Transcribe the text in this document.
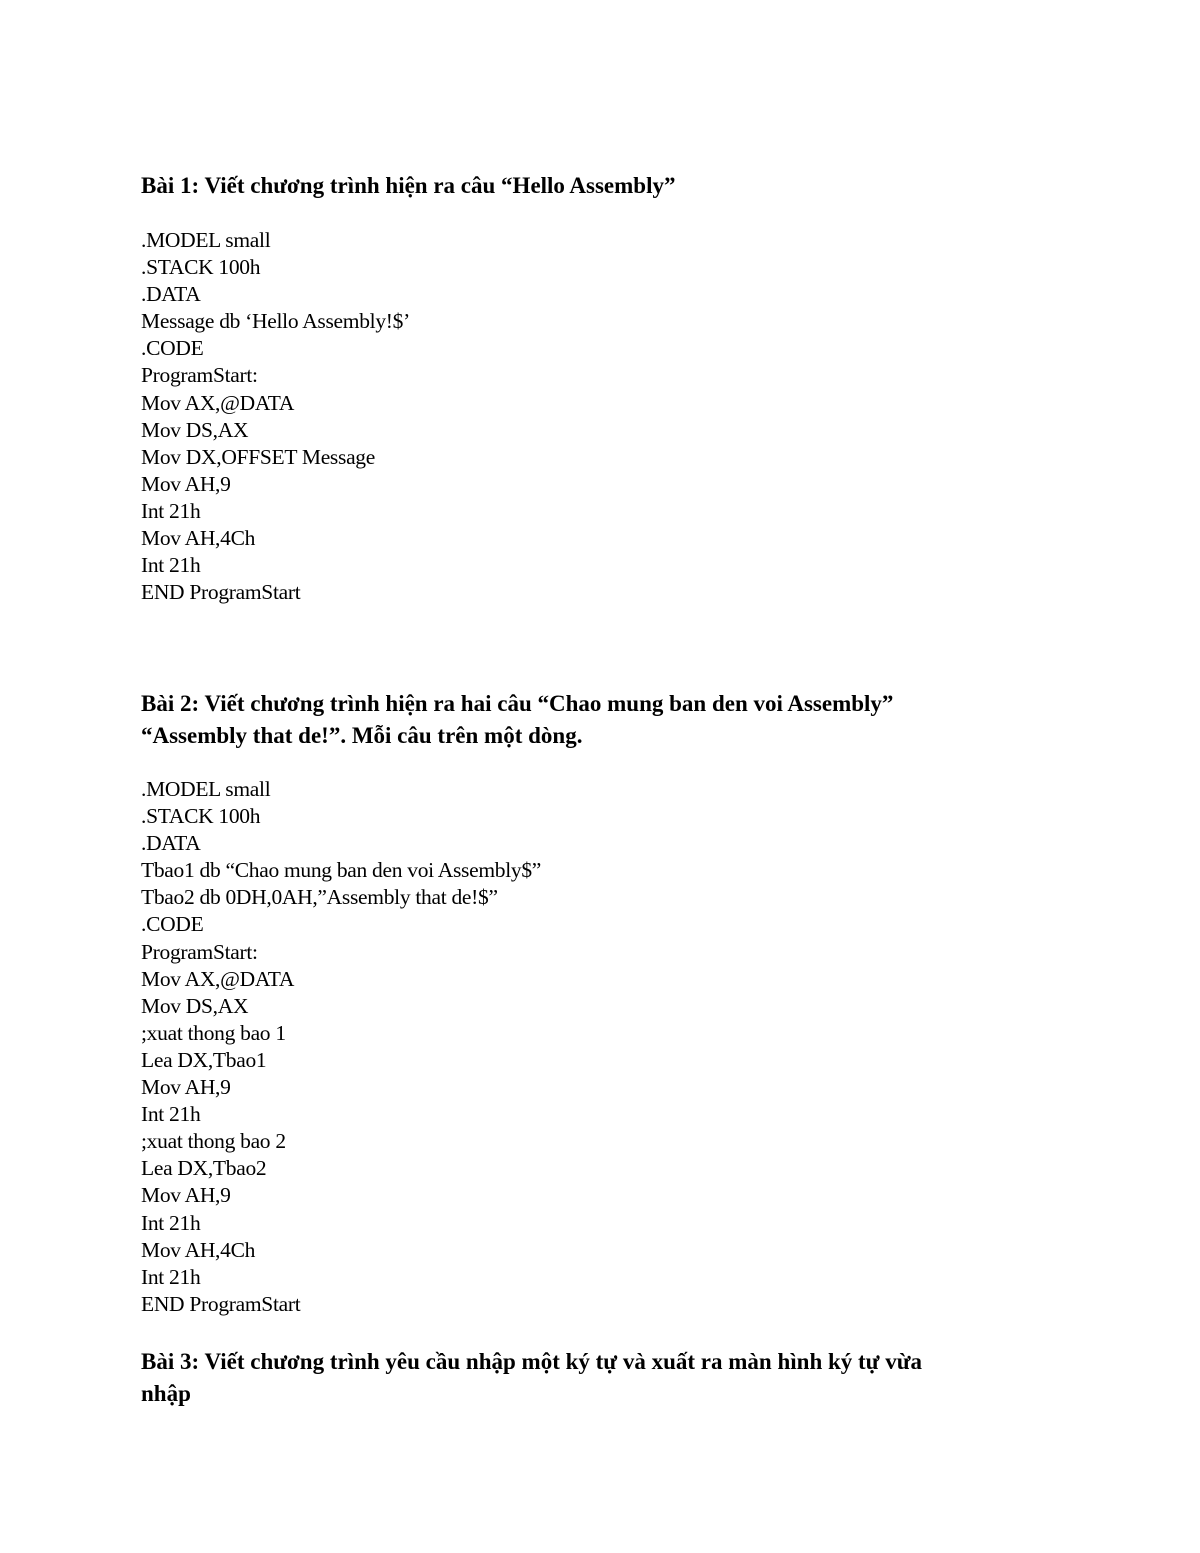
Bài 1: Viết chương trình hiện ra câu “Hello Assembly”
.MODEL small
.STACK 100h
.DATA
Message db ‘Hello Assembly!$’
.CODE
ProgramStart:
Mov AX,@DATA
Mov DS,AX
Mov DX,OFFSET Message
Mov AH,9
Int 21h
Mov AH,4Ch
Int 21h
END ProgramStart
Bài 2: Viết chương trình hiện ra hai câu “Chao mung ban den voi Assembly”
“Assembly that de!”. Mỗi câu trên một dòng.
.MODEL small
.STACK 100h
.DATA
Tbao1 db “Chao mung ban den voi Assembly$”
Tbao2 db 0DH,0AH,”Assembly that de!$”
.CODE
ProgramStart:
Mov AX,@DATA
Mov DS,AX
;xuat thong bao 1
Lea DX,Tbao1
Mov AH,9
Int 21h
;xuat thong bao 2
Lea DX,Tbao2
Mov AH,9
Int 21h
Mov AH,4Ch
Int 21h
END ProgramStart
Bài 3: Viết chương trình yêu cầu nhập một ký tự và xuất ra màn hình ký tự vừa
nhập
